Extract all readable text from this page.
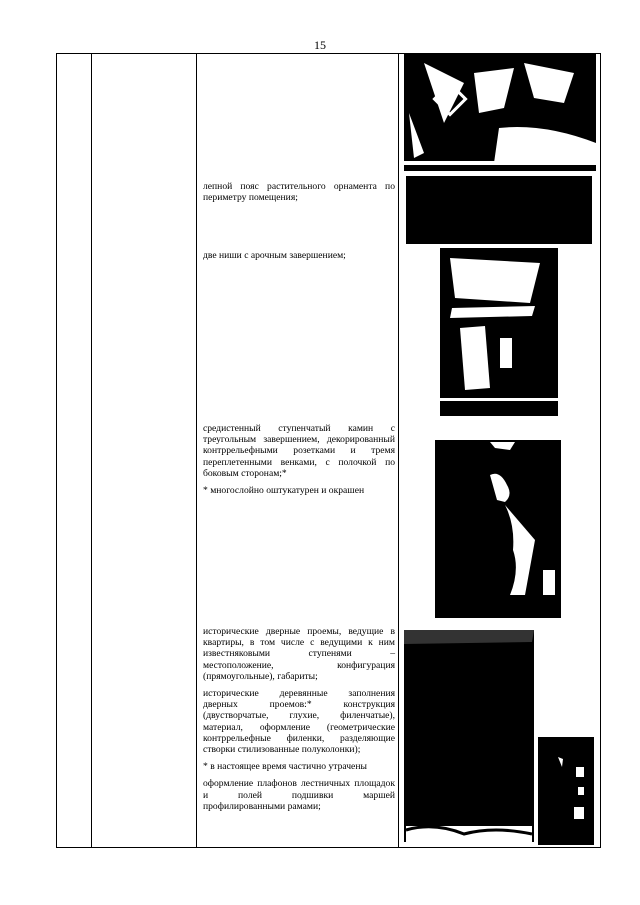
15

лепной пояс растительного орнамента по периметру помещения;

две ниши с арочным завершением;

средистенный ступенчатый камин с треугольным завершением, декорированный контррельефными розетками и тремя переплетенными венками, с полочкой по боковым сторонам;*

* многослойно оштукатурен и окрашен

исторические дверные проемы, ведущие в квартиры, в том числе с ведущими к ним известняковыми ступенями – местоположение, конфигурация (прямоугольные), габариты;

исторические деревянные заполнения дверных проемов:* конструкция (двустворчатые, глухие, филенчатые), материал, оформление (геометрические контррельефные филенки, разделяющие створки стилизованные полуколонки);

* в настоящее время частично утрачены

оформление плафонов лестничных площадок и полей подшивки маршей профилированными рамами;
